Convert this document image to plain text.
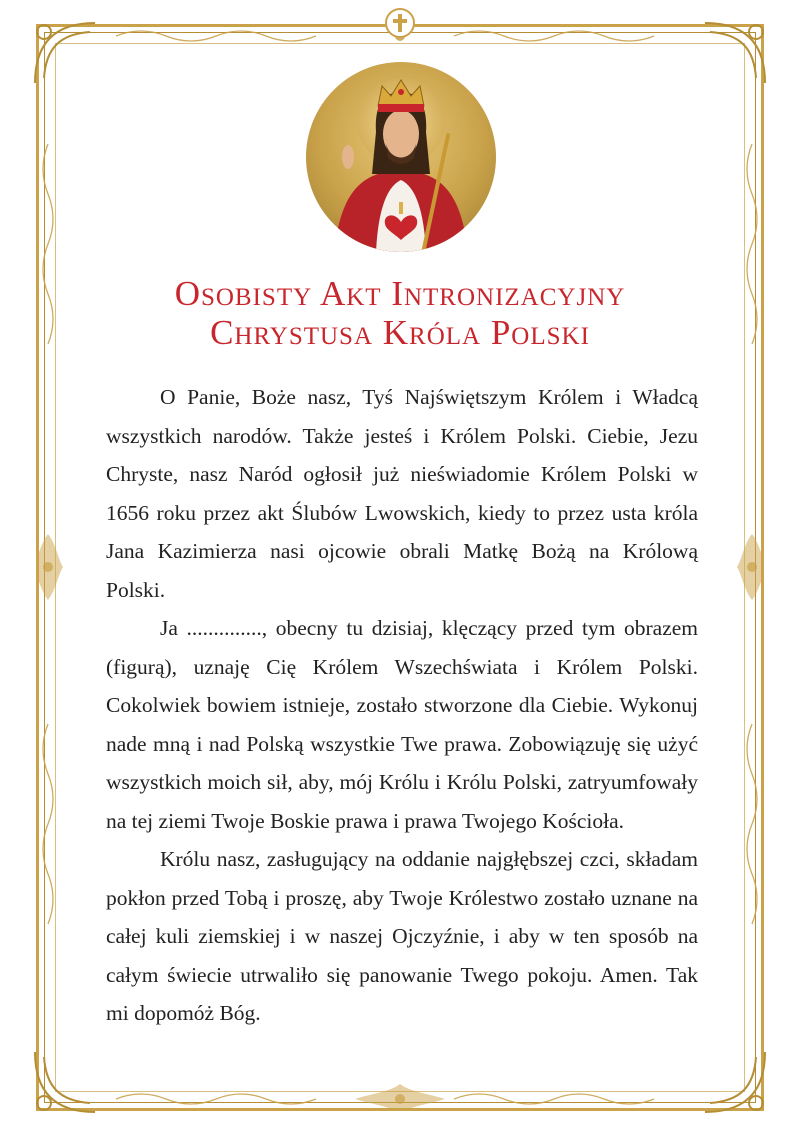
Osobisty Akt Intronizacyjny
Chrystusa Króla Polski

O Panie, Boże nasz, Tyś Najświętszym Królem i Władcą wszystkich narodów. Także jesteś i Królem Polski. Ciebie, Jezu Chryste, nasz Naród ogłosił już nieświadomie Królem Polski w 1656 roku przez akt Ślubów Lwowskich, kiedy to przez usta króla Jana Kazimierza nasi ojcowie obrali Matkę Bożą na Królową Polski.

Ja .............., obecny tu dzisiaj, klęczący przed tym obrazem (figurą), uznaję Cię Królem Wszechświata i Królem Polski. Cokolwiek bowiem istnieje, zostało stworzone dla Ciebie. Wykonuj nade mną i nad Polską wszystkie Twe prawa. Zobowiązuję się użyć wszystkich moich sił, aby, mój Królu i Królu Polski, zatryumfowały na tej ziemi Twoje Boskie prawa i prawa Twojego Kościoła.

Królu nasz, zasługujący na oddanie najgłębszej czci, składam pokłon przed Tobą i proszę, aby Twoje Królestwo zostało uznane na całej kuli ziemskiej i w naszej Ojczyźnie, i aby w ten sposób na całym świecie utrwaliło się panowanie Twego pokoju. Amen. Tak mi dopomóż Bóg.
